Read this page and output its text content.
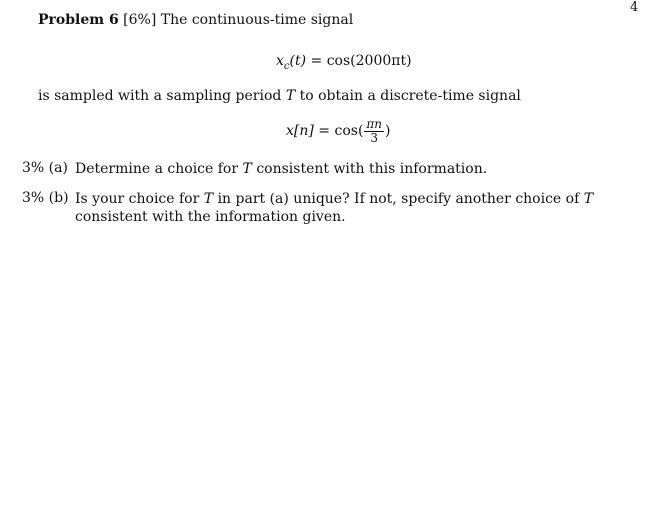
4
Problem 6 [6%] The continuous-time signal
$x_c(t) = \cos(2000\pi t)$
is sampled with a sampling period T to obtain a discrete-time signal
$x[n] = \cos( \frac{\pi n}{3}$ )
3% (a) Determine a choice for T consistent with this information.
3% (b) Is your choice for T in part (a) unique? If not, specify another choice of T consistent with the information given.
